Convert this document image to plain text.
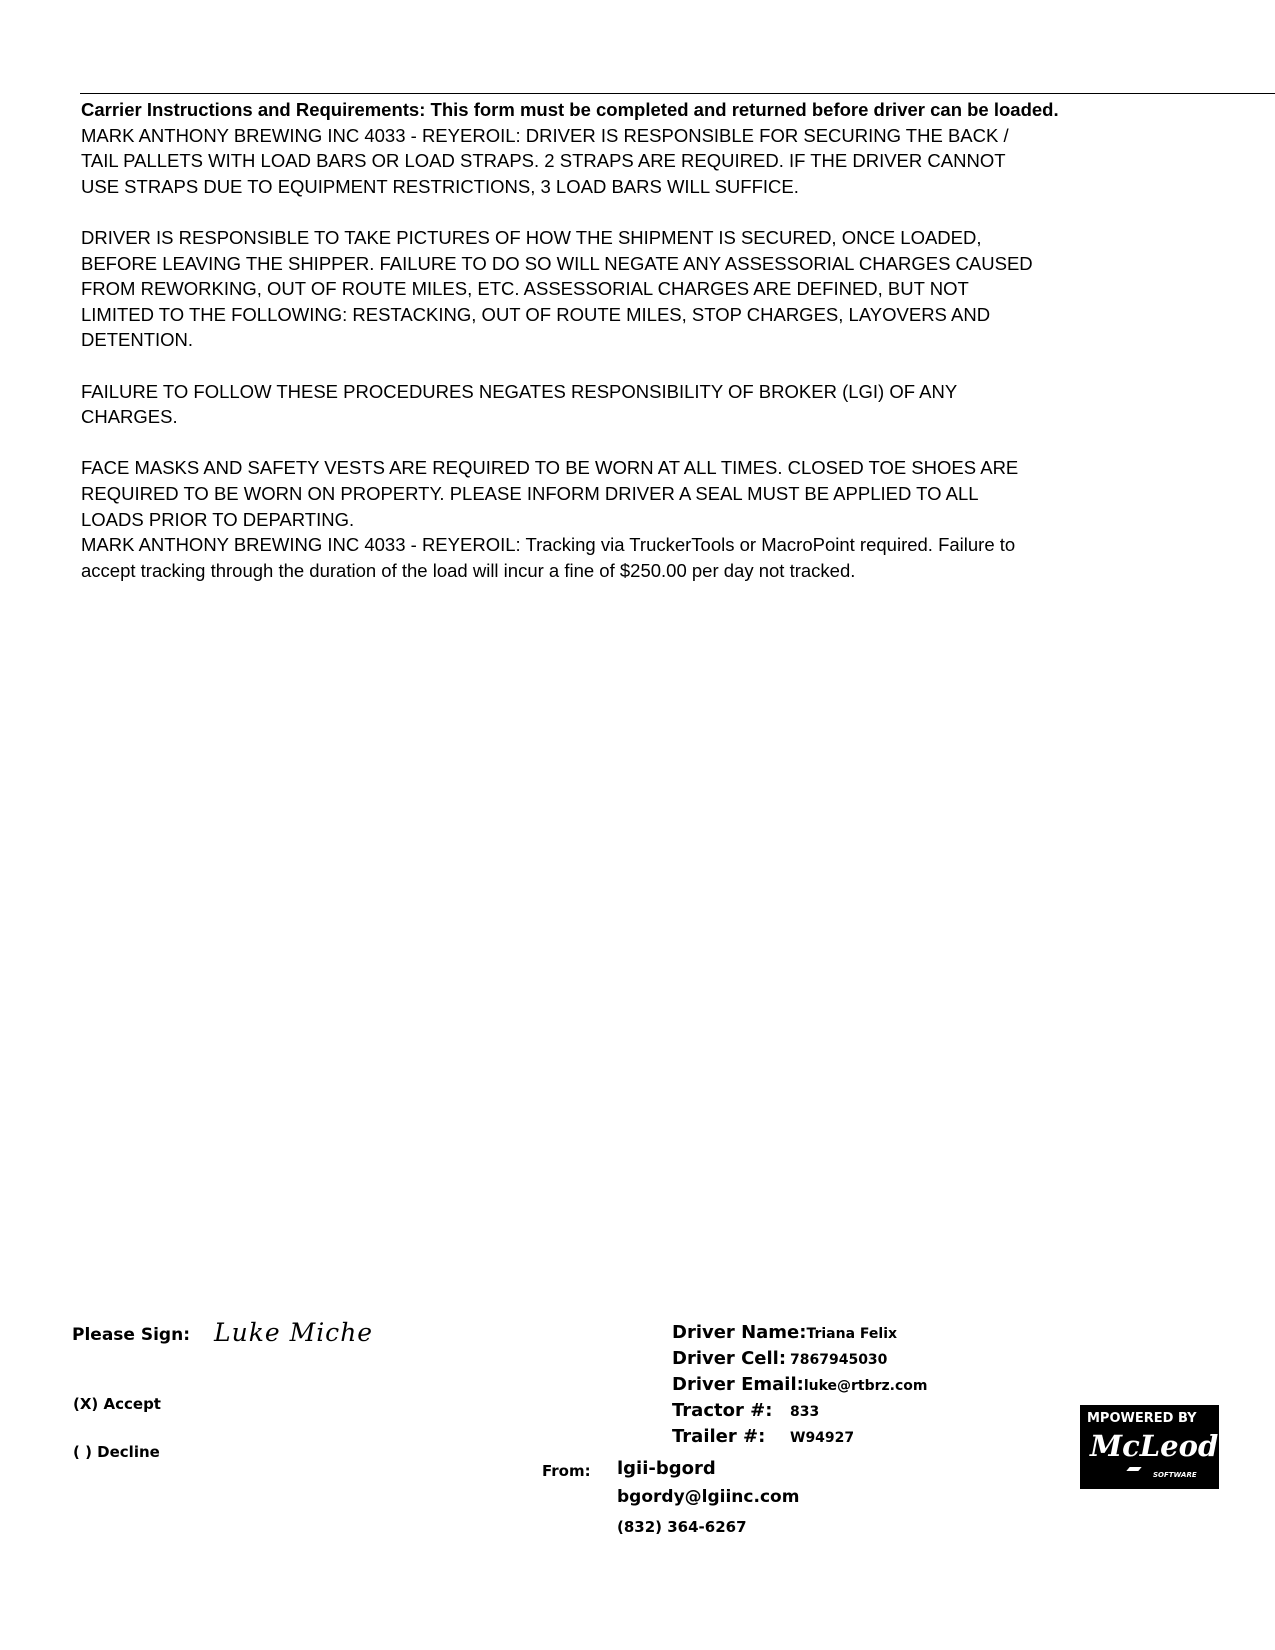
Carrier Instructions and Requirements: This form must be completed and returned before driver can be loaded.

MARK ANTHONY BREWING INC 4033 - REYEROIL: DRIVER IS RESPONSIBLE FOR SECURING THE BACK /

TAIL PALLETS WITH LOAD BARS OR LOAD STRAPS. 2 STRAPS ARE REQUIRED. IF THE DRIVER CANNOT

USE STRAPS DUE TO EQUIPMENT RESTRICTIONS, 3 LOAD BARS WILL SUFFICE.

DRIVER IS RESPONSIBLE TO TAKE PICTURES OF HOW THE SHIPMENT IS SECURED, ONCE LOADED,

BEFORE LEAVING THE SHIPPER. FAILURE TO DO SO WILL NEGATE ANY ASSESSORIAL CHARGES CAUSED

FROM REWORKING, OUT OF ROUTE MILES, ETC. ASSESSORIAL CHARGES ARE DEFINED, BUT NOT

LIMITED TO THE FOLLOWING: RESTACKING, OUT OF ROUTE MILES, STOP CHARGES, LAYOVERS AND

DETENTION.

FAILURE TO FOLLOW THESE PROCEDURES NEGATES RESPONSIBILITY OF BROKER (LGI) OF ANY

CHARGES.

FACE MASKS AND SAFETY VESTS ARE REQUIRED TO BE WORN AT ALL TIMES. CLOSED TOE SHOES ARE

REQUIRED TO BE WORN ON PROPERTY. PLEASE INFORM DRIVER A SEAL MUST BE APPLIED TO ALL

LOADS PRIOR TO DEPARTING.

MARK ANTHONY BREWING INC 4033 - REYEROIL: Tracking via TruckerTools or MacroPoint required. Failure to

accept tracking through the duration of the load will incur a fine of $250.00 per day not tracked.

Please Sign: Luke Miche
(X) Accept
( ) Decline
Driver Name: Triana Felix
Driver Cell: 7867945030
Driver Email: luke@rtbrz.com
Tractor #:	833
Trailer #:	W94927
From: lgii-bgord
bgordy@lgiinc.com
(832) 364-6267
MPOWERED BY
McLeod
SOFTWARE
